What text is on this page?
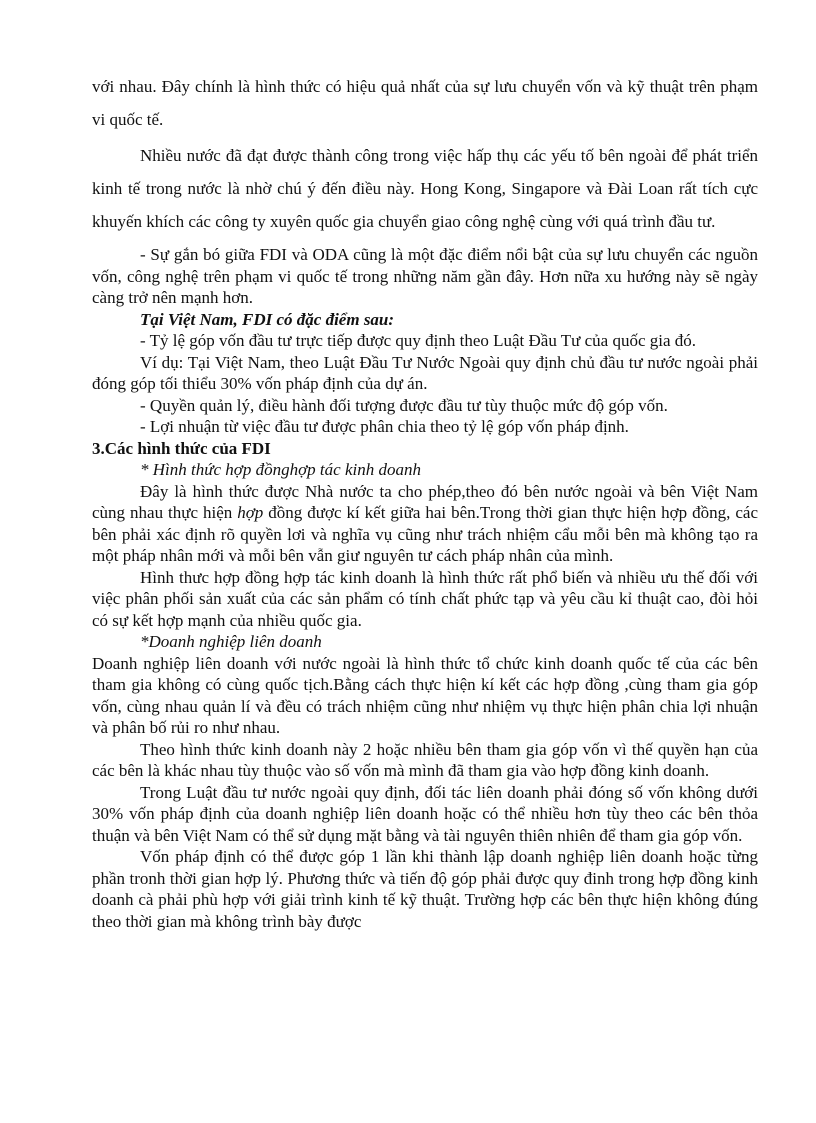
với nhau. Đây chính là hình thức có hiệu quả nhất của sự lưu chuyển vốn và kỹ thuật trên phạm vi quốc tế.

Nhiều nước đã đạt được thành công trong việc hấp thụ các yếu tố bên ngoài để phát triển kinh tế trong nước là nhờ chú ý đến điều này. Hong Kong, Singapore và Đài Loan rất tích cực khuyến khích các công ty xuyên quốc gia chuyển giao công nghệ cùng với quá trình đầu tư.

- Sự gắn bó giữa FDI và ODA cũng là một đặc điểm nổi bật của sự lưu chuyển các nguồn vốn, công nghệ trên phạm vi quốc tế trong những năm gần đây. Hơn nữa xu hướng này sẽ ngày càng trở nên mạnh hơn.

Tại Việt Nam, FDI có đặc điểm sau:

- Tỷ lệ góp vốn đầu tư trực tiếp được quy định theo Luật Đầu Tư của quốc gia đó.

Ví dụ: Tại Việt Nam, theo Luật Đầu Tư Nước Ngoài quy định chủ đầu tư nước ngoài phải đóng góp tối thiểu 30% vốn pháp định của dự án.

- Quyền quản lý, điều hành đối tượng được đầu tư tùy thuộc mức độ góp vốn.

- Lợi nhuận từ việc đầu tư được phân chia theo tỷ lệ góp vốn pháp định.

3.Các hình thức của FDI

* Hình thức hợp đồnghợp tác kinh doanh

Đây là hình thức được Nhà nước ta cho phép,theo đó bên nước ngoài và bên Việt Nam cùng nhau thực hiện hợp đồng được kí kết giữa hai bên.Trong thời gian thực hiện hợp đồng, các bên phải xác định rõ quyền lơi và nghĩa vụ cũng như trách nhiệm cẩu mỗi bên mà không tạo ra một pháp nhân mới và mỗi bên vẫn giư nguyên tư cách pháp nhân của mình.

Hình thưc hợp đồng hợp tác kinh doanh là hình thức rất phổ biến và nhiều ưu thế đối với việc phân phối sản xuất của các sản phẩm có tính chất phức tạp và yêu cầu kỉ thuật cao, đòi hỏi có sự kết hợp mạnh của nhiều quốc gia.

*Doanh nghiệp liên doanh

Doanh nghiệp liên doanh với nước ngoài là hình thức tổ chức kinh doanh quốc tế của các bên tham gia không có cùng quốc tịch.Bằng cách thực hiện kí kết các hợp đồng ,cùng tham gia góp vốn, cùng nhau quản lí và đều có trách nhiệm cũng như nhiệm vụ thực hiện phân chia lợi nhuận và phân bố rủi ro như nhau.

Theo hình thức kinh doanh này 2 hoặc nhiều bên tham gia góp vốn vì thế quyền hạn của các bên là khác nhau tùy thuộc vào số vốn mà mình đã tham gia vào hợp đồng kinh doanh.

Trong Luật đầu tư nước ngoài quy định, đối tác liên doanh phải đóng số vốn không dưới 30% vốn pháp định của doanh nghiệp liên doanh hoặc có thể nhiều hơn tùy theo các bên thỏa thuận và bên Việt Nam có thể sử dụng mặt bằng và tài nguyên thiên nhiên để tham gia góp vốn.

Vốn pháp định có thể được góp 1 lần khi thành lập doanh nghiệp liên doanh hoặc từng phần tronh thời gian hợp lý. Phương thức và tiến độ góp phải được quy đinh trong hợp đồng kinh doanh cà phải phù hợp với giải trình kinh tế kỹ thuật. Trường hợp các bên thực hiện không đúng theo thời gian mà không trình bày được
